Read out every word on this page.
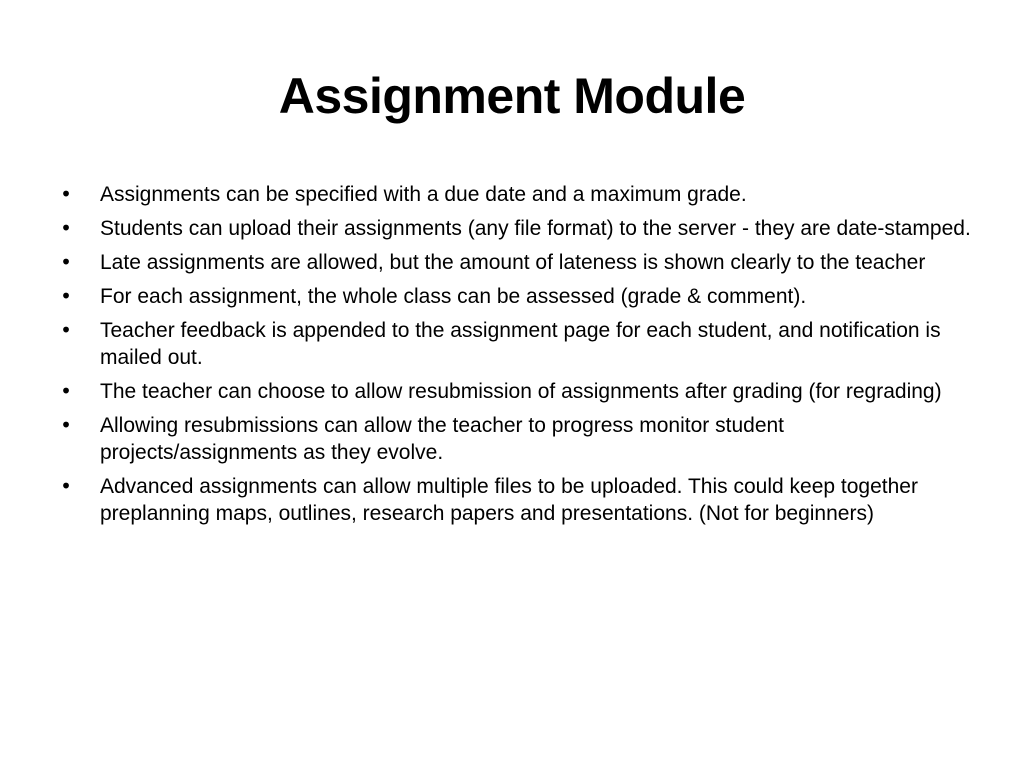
Assignment Module
• Assignments can be specified with a due date and a maximum grade.
• Students can upload their assignments (any file format) to the server - they are date-stamped.
• Late assignments are allowed, but the amount of lateness is shown clearly to the teacher
• For each assignment, the whole class can be assessed (grade & comment).
• Teacher feedback is appended to the assignment page for each student, and notification is mailed out.
• The teacher can choose to allow resubmission of assignments after grading (for regrading)
• Allowing resubmissions can allow the teacher to progress monitor student projects/assignments as they evolve.
• Advanced assignments can allow multiple files to be uploaded. This could keep together preplanning maps, outlines, research papers and presentations. (Not for beginners)
